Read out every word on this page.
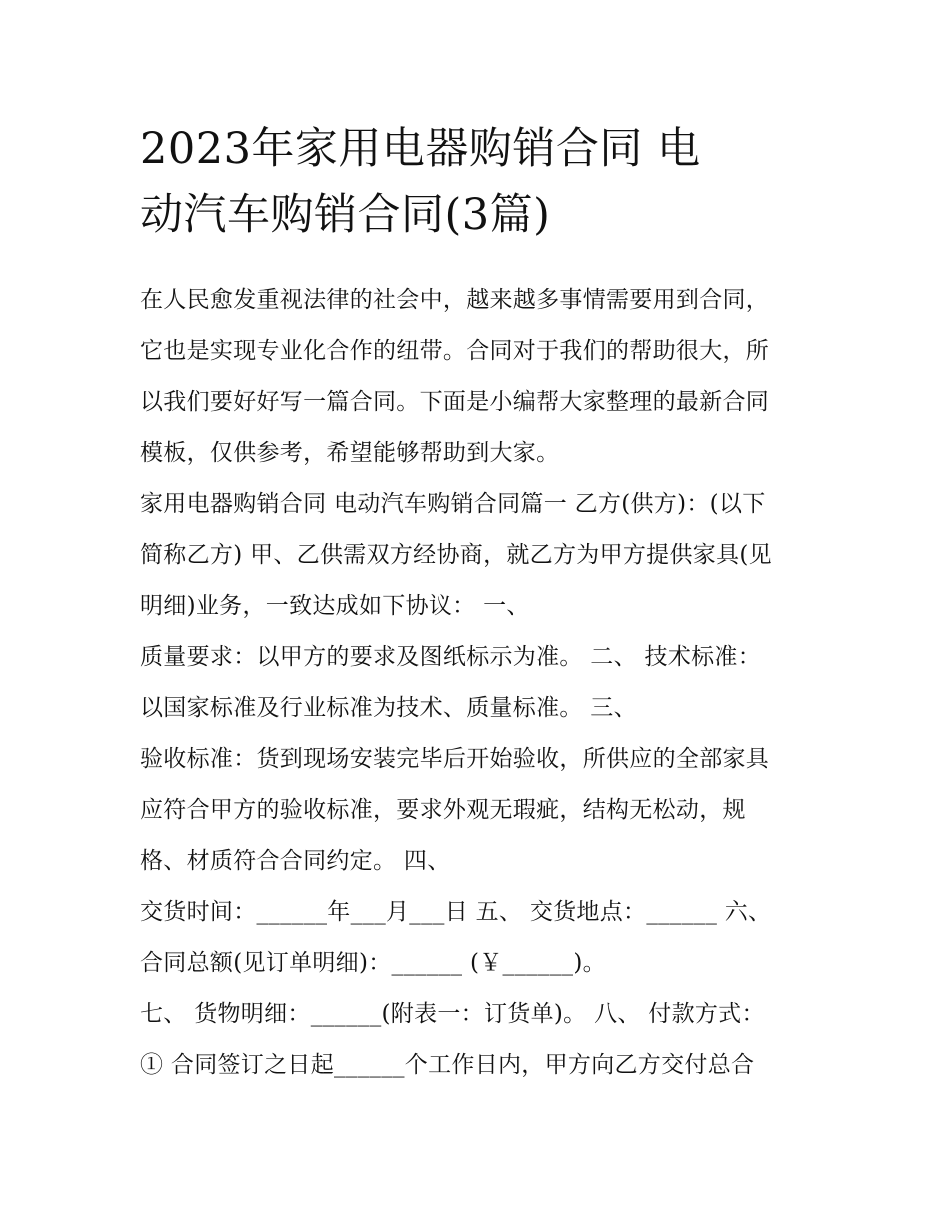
2023年家用电器购销合同 电
动汽车购销合同(3篇)
在人民愈发重视法律的社会中，越来越多事情需要用到合同，
它也是实现专业化合作的纽带。合同对于我们的帮助很大，所
以我们要好好写一篇合同。下面是小编帮大家整理的最新合同
模板，仅供参考，希望能够帮助到大家。
家用电器购销合同 电动汽车购销合同篇一 乙方(供方)：(以下
简称乙方) 甲、乙供需双方经协商，就乙方为甲方提供家具(见
明细)业务，一致达成如下协议： 一、
质量要求：以甲方的要求及图纸标示为准。 二、 技术标准：
以国家标准及行业标准为技术、质量标准。 三、
验收标准：货到现场安装完毕后开始验收，所供应的全部家具
应符合甲方的验收标准，要求外观无瑕疵，结构无松动，规
格、材质符合合同约定。 四、
交货时间：______年___月___日 五、 交货地点：______ 六、
合同总额(见订单明细)：______ (￥______)。
七、 货物明细：______(附表一：订货单)。 八、 付款方式：
① 合同签订之日起______个工作日内，甲方向乙方交付总合
